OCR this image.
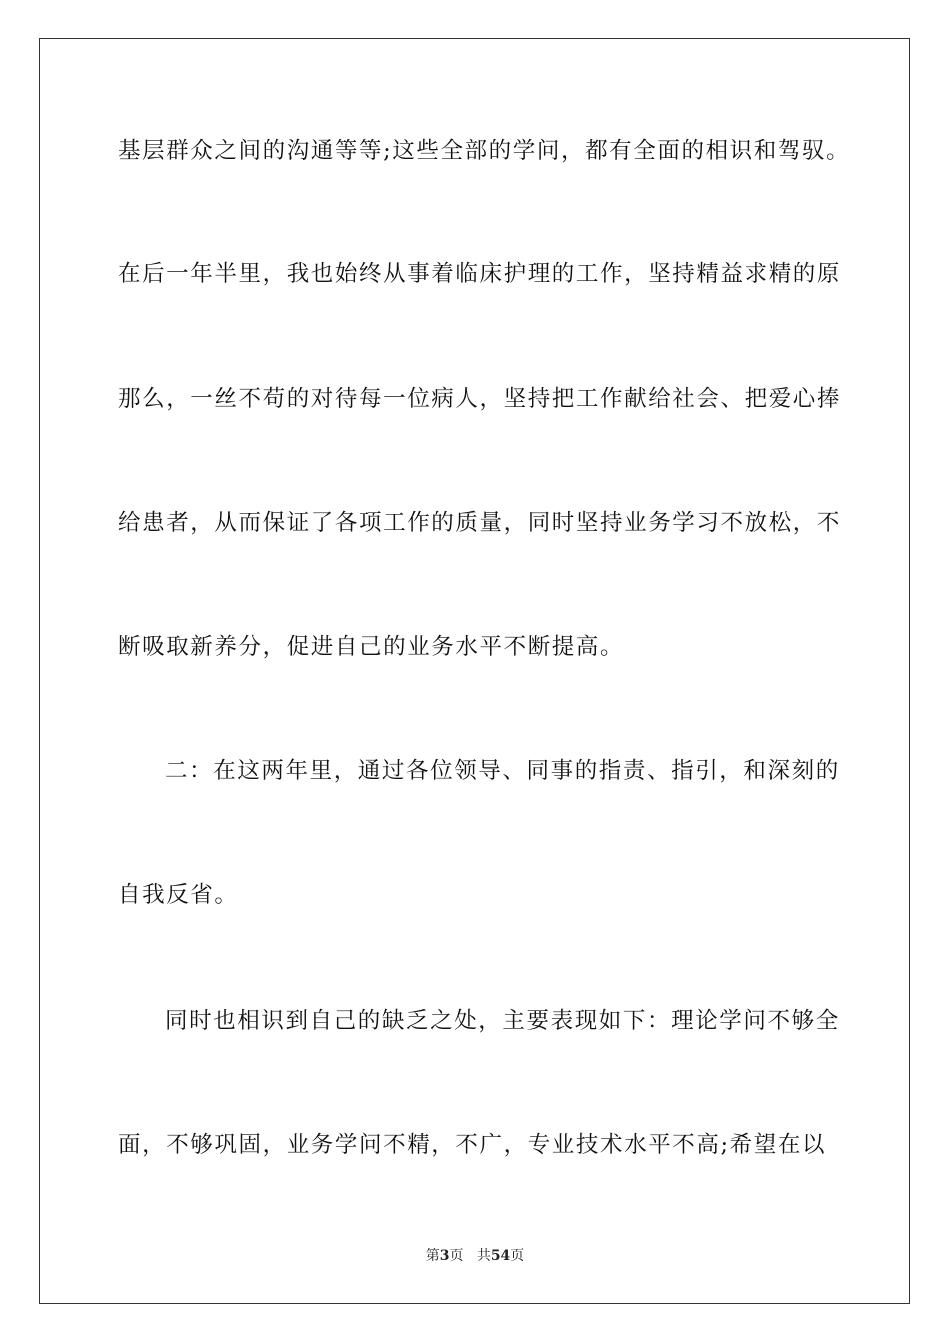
基层群众之间的沟通等等;这些全部的学问，都有全面的相识和驾驭。
在后一年半里，我也始终从事着临床护理的工作，坚持精益求精的原
那么，一丝不苟的对待每一位病人，坚持把工作献给社会、把爱心捧
给患者，从而保证了各项工作的质量，同时坚持业务学习不放松，不
断吸取新养分，促进自己的业务水平不断提高。
二：在这两年里，通过各位领导、同事的指责、指引，和深刻的
自我反省。
同时也相识到自己的缺乏之处，主要表现如下：理论学问不够全
面，不够巩固，业务学问不精，不广，专业技术水平不高;希望在以
第3页 共54页
